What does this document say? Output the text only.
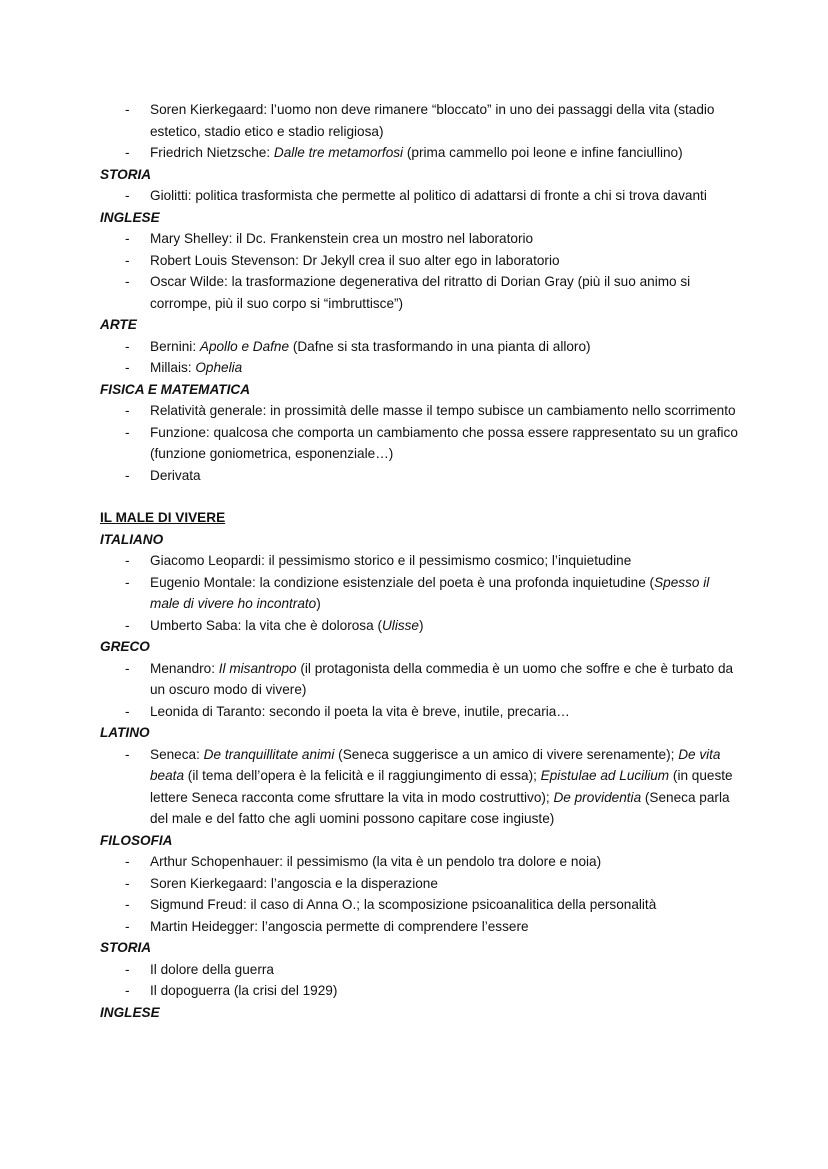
- Soren Kierkegaard: l’uomo non deve rimanere “bloccato” in uno dei passaggi della vita (stadio estetico, stadio etico e stadio religiosa)
- Friedrich Nietzsche: Dalle tre metamorfosi (prima cammello poi leone e infine fanciullino)
STORIA
- Giolitti: politica trasformista che permette al politico di adattarsi di fronte a chi si trova davanti
INGLESE
- Mary Shelley: il Dc. Frankenstein crea un mostro nel laboratorio
- Robert Louis Stevenson: Dr Jekyll crea il suo alter ego in laboratorio
- Oscar Wilde: la trasformazione degenerativa del ritratto di Dorian Gray (più il suo animo si corrompe, più il suo corpo si “imbruttisce”)
ARTE
- Bernini: Apollo e Dafne (Dafne si sta trasformando in una pianta di alloro)
- Millais: Ophelia
FISICA E MATEMATICA
- Relatività generale: in prossimità delle masse il tempo subisce un cambiamento nello scorrimento
- Funzione: qualcosa che comporta un cambiamento che possa essere rappresentato su un grafico (funzione goniometrica, esponenziale…)
- Derivata
IL MALE DI VIVERE
ITALIANO
- Giacomo Leopardi: il pessimismo storico e il pessimismo cosmico; l’inquietudine
- Eugenio Montale: la condizione esistenziale del poeta è una profonda inquietudine (Spesso il male di vivere ho incontrato)
- Umberto Saba: la vita che è dolorosa (Ulisse)
GRECO
- Menandro: Il misantropo (il protagonista della commedia è un uomo che soffre e che è turbato da un oscuro modo di vivere)
- Leonida di Taranto: secondo il poeta la vita è breve, inutile, precaria…
LATINO
- Seneca: De tranquillitate animi (Seneca suggerisce a un amico di vivere serenamente); De vita beata (il tema dell’opera è la felicità e il raggiungimento di essa); Epistulae ad Lucilium (in queste lettere Seneca racconta come sfruttare la vita in modo costruttivo); De providentia (Seneca parla del male e del fatto che agli uomini possono capitare cose ingiuste)
FILOSOFIA
- Arthur Schopenhauer: il pessimismo (la vita è un pendolo tra dolore e noia)
- Soren Kierkegaard: l’angoscia e la disperazione
- Sigmund Freud: il caso di Anna O.; la scomposizione psicoanalitica della personalità
- Martin Heidegger: l’angoscia permette di comprendere l’essere
STORIA
- Il dolore della guerra
- Il dopoguerra (la crisi del 1929)
INGLESE
